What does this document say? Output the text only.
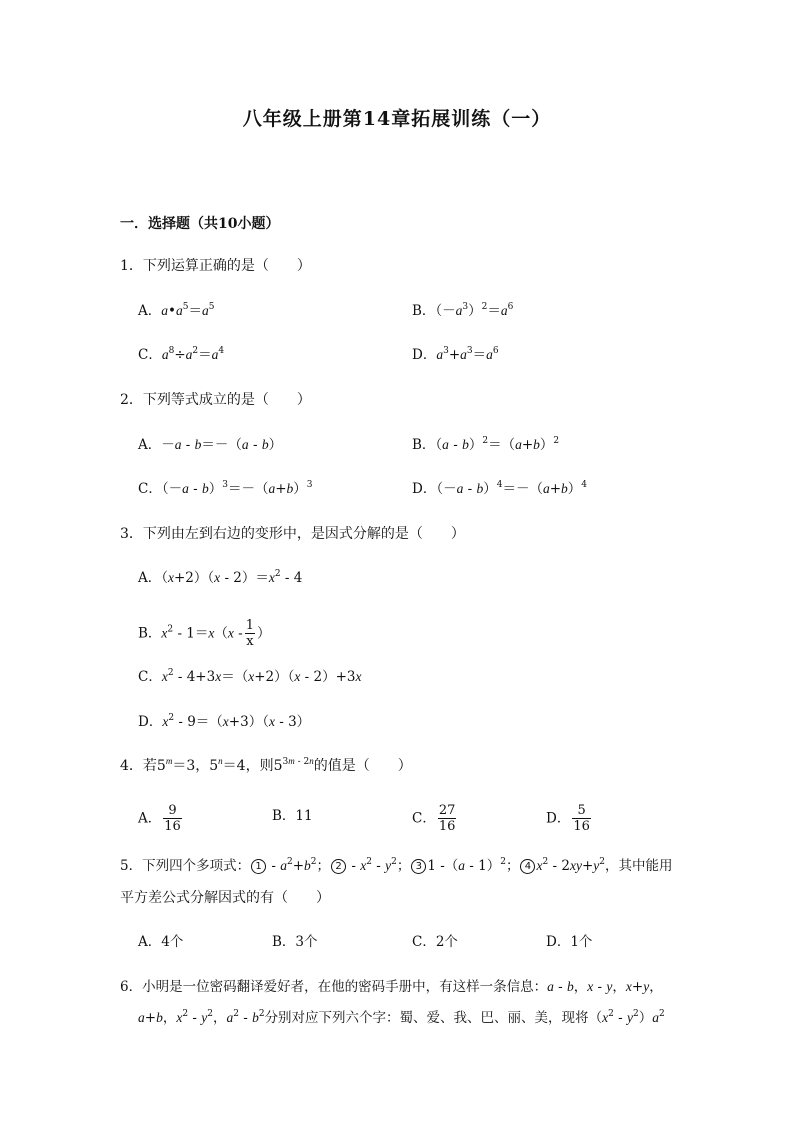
八年级上册第14章拓展训练（一）
一．选择题（共10小题）
1．下列运算正确的是（　　）
A．$a•a^5=a^5$	B．$(-a^3)^2=a^6$
C．$a^8\div a^2=a^4$	D．$a^3+a^3=a^6$
2．下列等式成立的是（　　）
A．－a - b＝－（a - b）	B．$(a - b)^2=(a+b)^2$
C．$(-a - b)^3=-(a+b)^3$	D．$(-a - b)^4=-(a+b)^4$
3．下列由左到右边的变形中，是因式分解的是（　　）
A．$(x+2)(x - 2)=x^2 - 4$
B．$x^2 - 1=x(x - \frac{1}{x}$ ）
C．$x^2 - 4+3x=(x+2)(x - 2)+3x$
D．$x^2 - 9=(x+3)(x - 3)$
4．若$5^m=3$，$5^n=4$，则$5^{3m - 2n}$的值是（　　）
A． $\frac{9}{16}$	B．11	C． $\frac{27}{16}$	D． $\frac{5}{16}$
5．下列四个多项式： $1 - a^2+b^2$； $2 - x^2 - y^2$； 3 1 -（a - 1）$^2$； 4 $x^2 - 2xy+y^2$，其中能用
平方差公式分解因式的有（　　）
A．4个	B．3个	C．2个	D．1个
6．小明是一位密码翻译爱好者，在他的密码手册中，有这样一条信息：a - b，x - y，x+y，
a+b，$x^2 - y^2$，$a^2 - b^2$分别对应下列六个字：蜀、爱、我、巴、丽、美，现将$(x^2 - y^2)a^2$
